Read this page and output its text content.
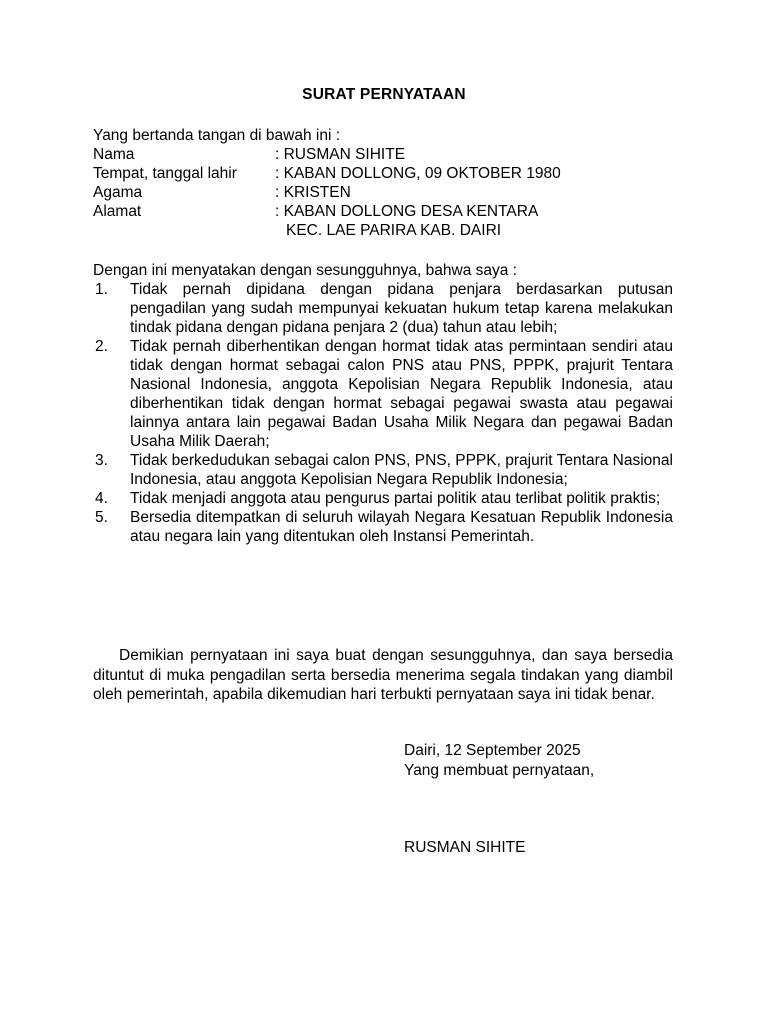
SURAT PERNYATAAN
Yang bertanda tangan di bawah ini :
Nama	: RUSMAN SIHITE
Tempat, tanggal lahir : KABAN DOLLONG, 09 OKTOBER 1980
Agama	: KRISTEN
Alamat	: KABAN DOLLONG DESA KENTARA
KEC. LAE PARIRA KAB. DAIRI
Dengan ini menyatakan dengan sesungguhnya, bahwa saya :
1. Tidak pernah dipidana dengan pidana penjara berdasarkan putusan pengadilan yang sudah mempunyai kekuatan hukum tetap karena melakukan tindak pidana dengan pidana penjara 2 (dua) tahun atau lebih;
2. Tidak pernah diberhentikan dengan hormat tidak atas permintaan sendiri atau tidak dengan hormat sebagai calon PNS atau PNS, PPPK, prajurit Tentara Nasional Indonesia, anggota Kepolisian Negara Republik Indonesia, atau diberhentikan tidak dengan hormat sebagai pegawai swasta atau pegawai lainnya antara lain pegawai Badan Usaha Milik Negara dan pegawai Badan Usaha Milik Daerah;
3. Tidak berkedudukan sebagai calon PNS, PNS, PPPK, prajurit Tentara Nasional Indonesia, atau anggota Kepolisian Negara Republik Indonesia;
4. Tidak menjadi anggota atau pengurus partai politik atau terlibat politik praktis;
5. Bersedia ditempatkan di seluruh wilayah Negara Kesatuan Republik Indonesia atau negara lain yang ditentukan oleh Instansi Pemerintah.
Demikian pernyataan ini saya buat dengan sesungguhnya, dan saya bersedia dituntut di muka pengadilan serta bersedia menerima segala tindakan yang diambil oleh pemerintah, apabila dikemudian hari terbukti pernyataan saya ini tidak benar.
Dairi, 12 September 2025
Yang membuat pernyataan,
RUSMAN SIHITE
